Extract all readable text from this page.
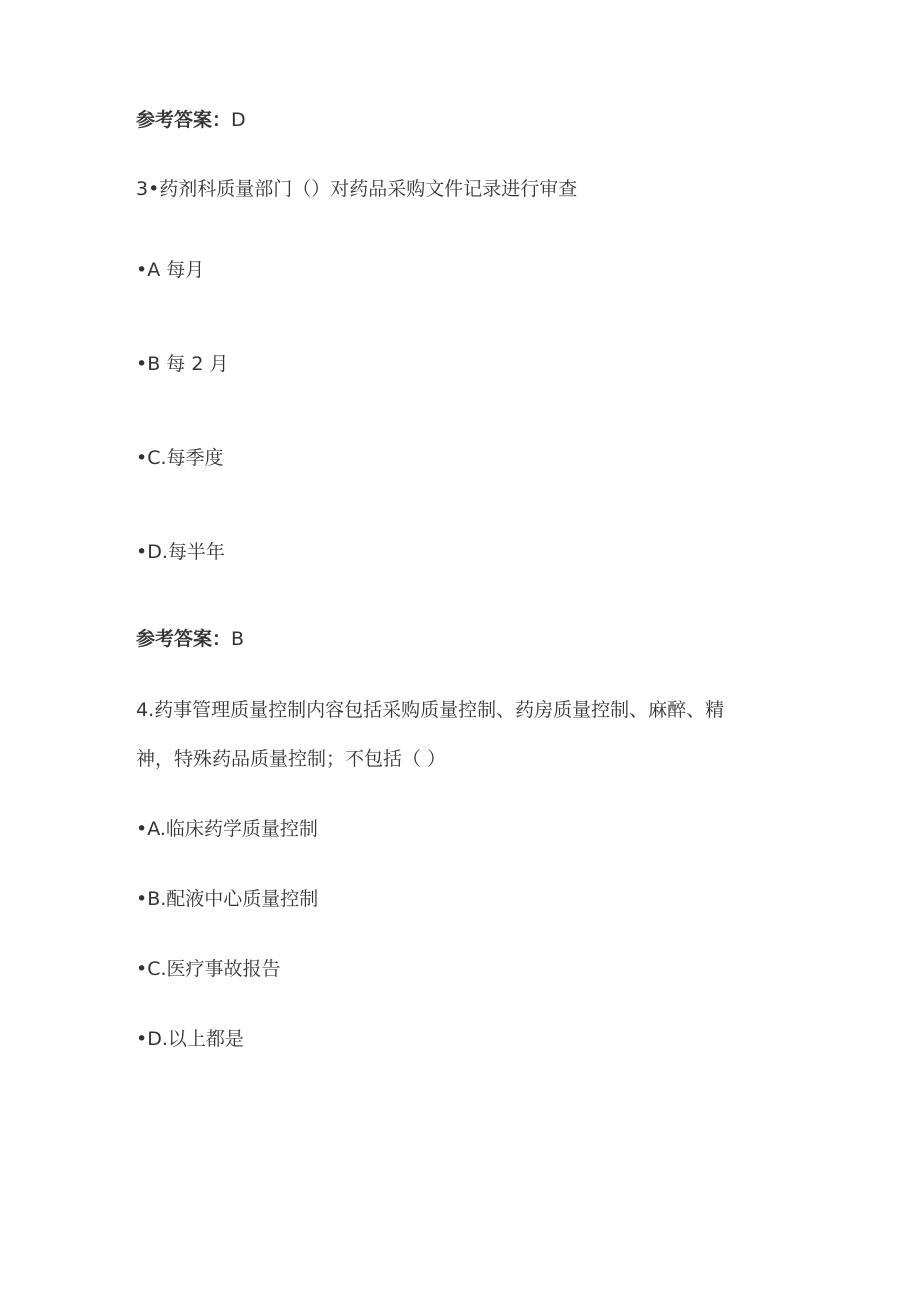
参考答案：D
3•药剂科质量部门（）对药品采购文件记录进行审查
•A 每月
•B 每 2 月
•C.每季度
•D.每半年
参考答案：B
4.药事管理质量控制内容包括采购质量控制、药房质量控制、麻醉、精
神，特殊药品质量控制；不包括（ ）
•A.临床药学质量控制
•B.配液中心质量控制
•C.医疗事故报告
•D.以上都是
